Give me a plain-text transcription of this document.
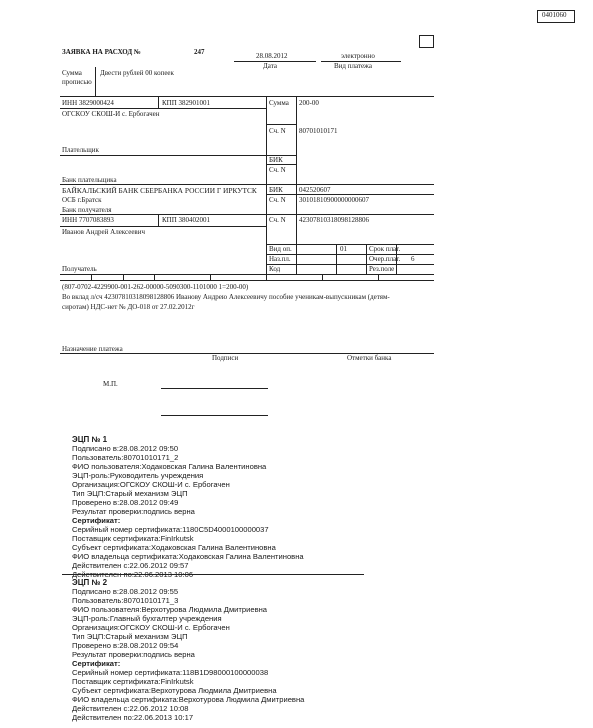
0401060
ЗАЯВКА НА РАСХОД №	247	28.08.2012
Дата
электронно
Вид платежа
Сумма прописью
Двести рублей 00 копеек
ИНН 3829000424	КПП 382901001
ОГСКОУ СКОШ-И с. Ербогачен
Плательщик
Сумма 200-00
Сч. N 80701010171
БИК
Сч. N
БАЙКАЛЬСКИЙ БАНК СБЕРБАНКА РОССИИ Г ИРКУТСК
Банк плательщика
ОСБ г.Братск
Банк получателя
БИК 042520607
Сч. N 30101810900000000607
ИНН 7707083893	КПП 380402001
Иванов Андрей Алексеевич
Сч. N 42307810318098128806
Получатель
Вид оп.	01	Срок плат.
Наз.пл.	Очер.плат. 6
Код	Рез.поле
(807-0702-4229900-001-262-00000-5090300-1101000 1=200-00)
Во вклад л/сч 42307810318098128806 Иванову Андрею Алексеевичу пособие ученикам-выпускникам (детям-
сиротам) НДС-нет № ДО-018 от 27.02.2012г
Назначение платежа
Подписи	Отметки банка
М.П.

ЭЦП № 1

Подписано в:28.08.2012 09:50

Пользователь:80701010171_2

ФИО пользователя:Ходаковская Галина Валентиновна

ЭЦП-роль:Руководитель учреждения

Организация:ОГСКОУ СКОШ-И с. Ербогачен

Тип ЭЦП:Старый механизм ЭЦП

Проверено в:28.08.2012 09:49

Результат проверки:подпись верна

Сертификат:

Серийный номер сертификата:1180C5D4000100000037

Поставщик сертификата:FinIrkutsk

Субъект сертификата:Ходаковская Галина Валентиновна

ФИО владельца сертификата:Ходаковская Галина Валентиновна

Действителен с:22.06.2012 09:57

Действителен по:22.06.2013 10:06

ЭЦП № 2

Подписано в:28.08.2012 09:55

Пользователь:80701010171_3

ФИО пользователя:Верхотурова Людмила Дмитриевна

ЭЦП-роль:Главный бухгалтер учреждения

Организация:ОГСКОУ СКОШ-И с. Ербогачен

Тип ЭЦП:Старый механизм ЭЦП

Проверено в:28.08.2012 09:54

Результат проверки:подпись верна

Сертификат:

Серийный номер сертификата:118B1D98000100000038

Поставщик сертификата:FinIrkutsk

Субъект сертификата:Верхотурова Людмила Дмитриевна

ФИО владельца сертификата:Верхотурова Людмила Дмитриевна

Действителен с:22.06.2012 10:08

Действителен по:22.06.2013 10:17
